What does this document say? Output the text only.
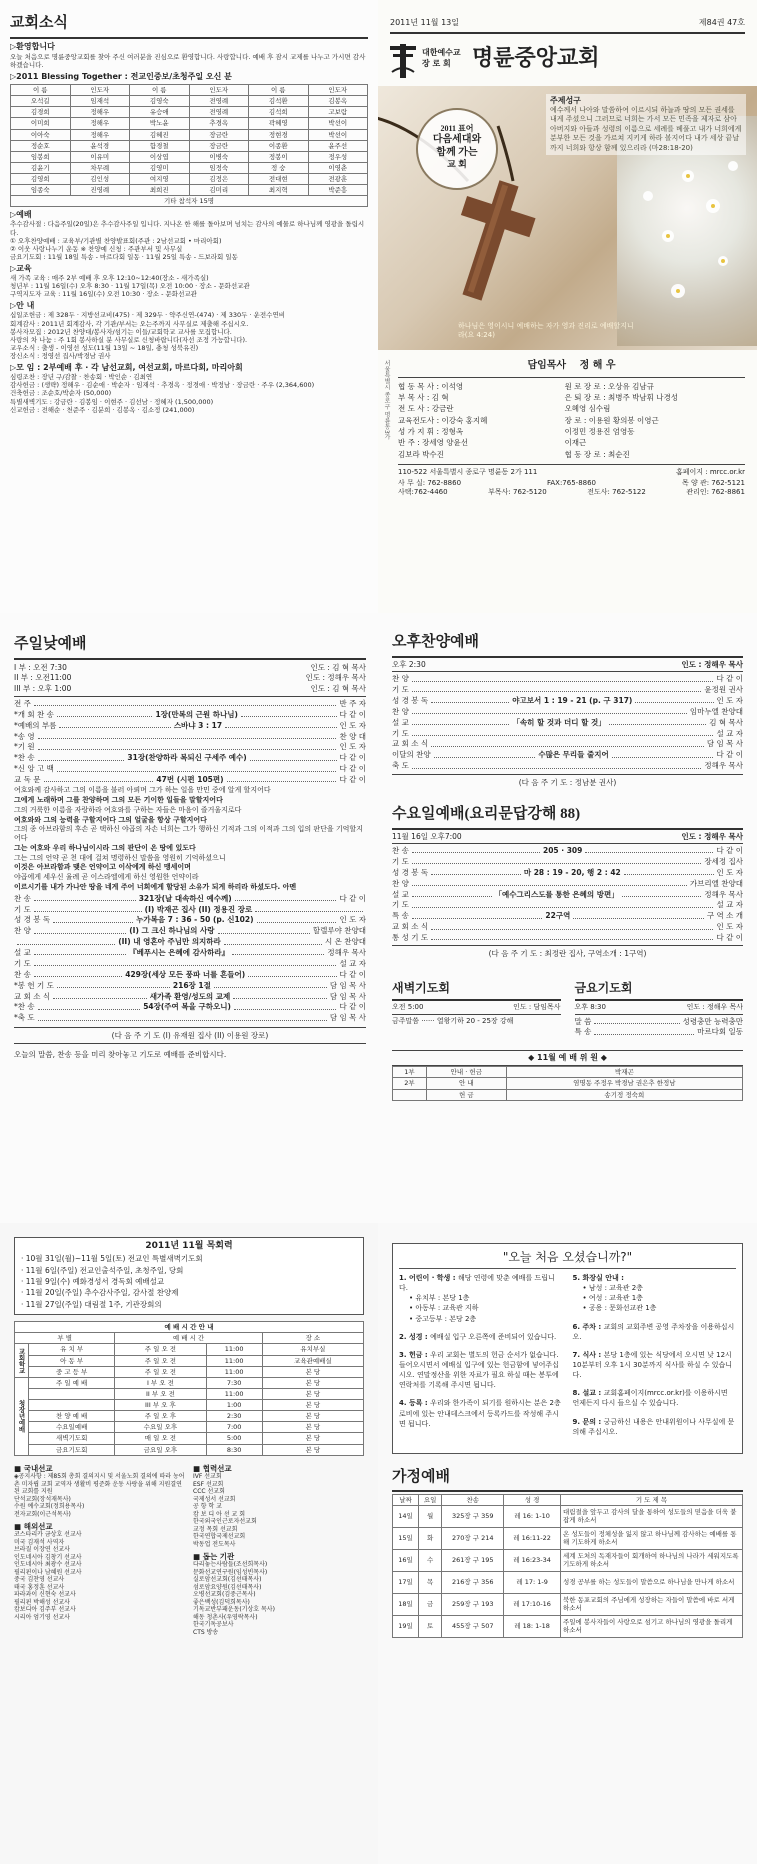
교회소식
▷환영합니다
오늘 처음으로 명륜중앙교회를 찾아 주신 여러분을 진심으로 환영합니다. 사랑합니다. 예배 후 잠시 교제를 나누고 가시면 감사하겠습니다.
▷2011 Blessing Together : 전교인중보/초청주일 오신 분
이 름	인도자	이 름	인도자	이 름	인도자
오석길	임재석	김영숙	전영례	김석환	김봉옥
김경희	정해우	유승애	전영례	김석희	고보람
이미희	정해우	박노윤	추경옥	곽혜영	박선이
이아숙	정해우	김혜진	장금란	정현경	박선이
정순호	윤석경	함경철	장금란	이종환	윤주선
임봉희	이유미	이상엽	이병숙	정봉이	정우성
김윤기	차무례	김영미	임정숙	정 숭	이영춘
김영희	김인성	여지영	김정은	전대현	전광훈
임종숙	진영례	최희진	김미리	최지혁	박준흥
기타 참석자 15명					
▷예배
추수감사절 : 다음주일(20일)은 추수감사주일 입니다. 지나온 한 해를 돌아보며 넘치는 감사의 예물로 하나님께 영광을 돌립시다.
① 오후찬양예배 : 교육부/기관별 찬양발표회(주관 : 2남선교회 • 마리아회)
② 이웃 사랑나누기 운동 ※ 찬양예 신청 : 주관부서 및 사무실
금요기도회 : 11월 18일 특송 - 마르다회 일동 · 11월 25일 특송 - 드보라회 일동
▷교육
새 가족 교육 : 매주 2부 예배 후 오후 12:10~12:40(장소 - 새가족실)
청년부 : 11월 16일(수) 오후 8:30 · 11월 17일(목) 오전 10:00 · 장소 - 문화선교관
구역지도자 교육 : 11월 16일(수) 오전 10:30 · 장소 - 문화선교관
▷안 내
십일조헌금 : 제 328두 · 지방선교비(475) · 제 329두 · 약주신연-(474) · 제 330두 · 운전수연비
회계감사 : 2011년 회계감사, 각 기관/부서는 오는주까지 사무실로 제출해 주십시오.
봉사자모집 : 2012년 찬양대/봉사자/섬기는 이들/교회학교 교사를 모집합니다.
사랑의 차 나눔 : 주 1회 봉사하실 분 사무실로 신청바랍니다(자선 조정 가능합니다).
교우소식 : 출생 - 이영선 성도(11월 13일 ~ 18일, 충청 성북유진)
장신소식 : 정영선 집사/박경남 권사
▷모 임 : 2부예배 후 · 각 남선교회, 여선교회, 마르다회, 마리아회
심령조찬 : 장년 구/감찰 · 찬송회 · 박인순 · 김최연
감사헌금 : (생략) 정해우 · 김순애 · 박순자 · 임재석 · 추경옥 · 정경애 · 박정남 · 장금란 · 주우 (2,364,600)
건축헌금 : 조순호/박순자 (50,000)
특별새벽기도 : 강금란 · 김봉임 · 이현주 · 김선남 · 정혜자 (1,500,000)
신교헌금 : 전해순 · 천준주 · 김분희 · 김봉옥 · 김소정 (241,000)
2011년 11월 13일	제84권 47호
대한예수교
장 로 회 명륜중앙교회
2011 표어
다음세대와
함께 가는
교 회
주제성구
예수께서 나아와 말씀하여 이르시되 하늘과 땅의 모든 권세를 내게 주셨으니 그러므로 너희는 가서 모든 민족을 제자로 삼아 아버지와 아들과 성령의 이름으로 세례를 베풀고 내가 너희에게 분부한 모든 것을 가르쳐 지키게 하라 볼지어다 내가 세상 끝날까지 너희와 항상 함께 있으리라 (마28:18-20)
하나님은 영이시니 예배하는 자가 영과 진리로 예배할지니라(요 4:24)
서울특별시 종로구 명륜동3가	담임목사 정 해 우
협 동 목 사 : 이석영	원 로 장 로 : 오상유 김남규
부 목 사 : 김 혁	은 퇴 장 로 : 최병주 박남휘 나경성
전 도 사 : 강금란	오혜영 심수림
교육전도사 : 이강숙 홍지혜	장 로 : 이용원 황의봉 이영근
성 가 지 휘 : 정형옥	이정민 정용진 엄영동
반 주 : 장세영 양윤선	이재근
김보라 박수진	협 동 장 로 : 최순진
110-522 서울특별시 종로구 명륜동 2가 111	홈페이지 : mrcc.or.kr
사 무 실: 762-8860	FAX:765-8860	목 양 관: 762-5121
사택:762-4460	부목사: 762-5120	전도사: 762-5122	관리인: 762-8861
주일낮예배
I 부 : 오전 7:30	인도 : 김 혁 목사
II 부 : 오전11:00	인도 : 정해우 목사
III 부 : 오후 1:00	인도 : 김 혁 목사
전 주	반 주 자
*개 회 찬 송	1장(만복의 근원 하나님)	다 같 이
*예배의 부름	스바냐 3 : 17	인 도 자
*송 영	찬 양 대
*기 원	인 도 자
*찬 송	31장(찬양하라 복되신 구세주 예수)	다 같 이
*신 앙 고 백	다 같 이
교 독 문	47번 (시편 105편)	다 같 이
여호와께 감사하고 그의 이름을 불러 아뢰며 그가 하는 일을 만민 중에 알게 할지어다
그에게 노래하며 그를 찬양하며 그의 모든 기이한 일들을 말할지어다
그의 거룩한 이름을 자랑하라 여호와를 구하는 자들은 마음이 즐거울지로다
여호와와 그의 능력을 구할지어다 그의 얼굴을 항상 구할지어다
그의 종 아브라함의 후손 곧 택하신 야곱의 자손 너희는 그가 행하신 기적과 그의 이적과 그의 입의 판단을 기억할지어다
그는 여호와 우리 하나님이시라 그의 판단이 온 땅에 있도다
그는 그의 언약 곧 천 대에 걸쳐 명령하신 말씀을 영원히 기억하셨으니
이것은 아브라함과 맺은 언약이고 이삭에게 하신 맹세이며
야곱에게 세우신 율례 곧 이스라엘에게 하신 영원한 언약이라
이르시기를 내가 가나안 땅을 네게 주어 너희에게 할당된 소유가 되게 하리라 하셨도다. 아멘
찬 송	321장(날 대속하신 예수께)	다 같 이
기 도	(I) 박재곤 집사 (II) 정용진 장로
성 경 봉 독	누가복음 7 : 36 - 50 (p. 신102)	인 도 자
찬 양	(I) 그 크신 하나님의 사랑	할렐루야 찬양대
(II) 내 영혼아 주님만 의지하라	시 온 찬양대
설 교	『베푸시는 은혜에 감사하라』	정해우 목사
기 도	설 교 자
찬 송	429장(세상 모든 풍파 너를 흔들어)	다 같 이
*봉 헌 기 도	216장 1절	담 임 목 사
교 회 소 식	새가족 환영/성도의 교제	담 임 목 사
*찬 송	54장(주여 복을 구하오니)	다 같 이
*축 도	담 임 목 사
(다 음 주 기 도 (I) 유재원 집사 (II) 이용원 장로)
오늘의 말씀, 찬송 등을 미리 찾아놓고 기도로 예배를 준비합시다.
오후찬양예배
오후 2:30	인도 : 정해우 목사
찬 양	다 같 이
기 도	윤정원 권사
성 경 봉 독	야고보서 1 : 19 - 21 (p. 구 317)	인 도 자
찬 양	임마누엘 찬양대
설 교	「속히 할 것과 더디 할 것」	김 혁 목사
기 도	설 교 자
교 회 소 식	담 임 목 사
이달의 찬양	수많은 무리들 줄지어	다 같 이
축 도	정해우 목사
(다 음 주 기 도 : 정남분 권사)
수요일예배(요리문답강해 88)
11월 16일 오후7:00	인도 : 정해우 목사
찬 송	205 · 309	다 같 이
기 도	장세정 집사
성 경 봉 독	마 28 : 19 - 20, 행 2 : 42	인 도 자
찬 양	가브리엘 찬양대
설 교	「예수그리스도를 통한 은혜의 방편」	정해우 목사
기 도	설 교 자
특 송	22구역	구 역 소 개
교 회 소 식	인 도 자
통 성 기 도	다 같 이
(다 음 주 기 도 : 최정란 집사, 구역소개 : 1구역)
새벽기도회
오전 5:00	인도 : 담임목사
금주말씀 ······ 열왕기하 20 - 25장 강해
금요기도회
오후 8:30	인도 : 정해우 목사
말 씀	성령충만 능력충만
특 송	마르다회 일동
◆ 11월 예 배 위 원 ◆
1부	안내 · 헌금	박재곤
2부	안 내	염명동 주정우 박경남 권은추 한정남
	헌 금	송기정 정숙희
2011년 11월 목회력
· 10월 31일(월)~11월 5일(토) 전교인 특별새벽기도회
· 11월 6일(주일) 전교인출석주일, 초청주일, 당회
· 11월 9일(수) 예화경성서 경독회 예배설교
· 11월 20일(주일) 추수감사주일, 감사절 찬양제
· 11월 27일(주일) 대림절 1주, 기관장회의
예 배 시 간 안 내				
부 별		예 배 시 간		장 소
교회학교	유 치 부	주 일 오 전	11:00	유치부실
	아 동 부	주 일 오 전	11:00	교육관예배실
	중 고 등 부	주 일 오 전	11:00	본 당
청장년예배	주 일 예 배	I 부 오 전	7:30	본 당
		II 부 오 전	11:00	본 당
		III 부 오 후	1:00	본 당
	찬 양 예 배	주 일 오 후	2:30	본 당
	수요일예배	수요일 오후	7:00	본 당
	새벽기도회	매 일 오 전	5:00	본 당
	금요기도회	금요일 오후	8:30	본 당
■ 국내선교
◈공지사항 : 제85회 총회 결의지시 및 서울노회 결의에 따라 농어촌 미자립 교회 교역자 생활비 평준화 운동 사랑을 위해 지원결연된 교회를 지원
단석교회(장석재목사)
수원 예수교회(정희용목사)
전자교회(이근석목사)
■ 해외선교
코스타리카 금상호 선교사
미국 김재석 사역자
브라질 이장연 선교사
인도네시아 김창기 선교사
인도네시아 최광수 선교사
필리핀이나 남혜원 선교사
중국 김찬영 선교사
태국 홍정훈 선교사
파라과이 신현숙 선교사
필리핀 박해성 선교사
캄보디아 김주부 선교사
시리아 엄기영 선교사
■ 협력선교
IVF 선교회
ESF 선교회
CCC 선교회
국제성서 선교회
공 항 학 교
캄 보 디 아 선 교 회
한국외국인근로자선교회
교정 목회 선교회
한국연합국제선교회
박동업 전도목사
■ 돕는 기관
다리놓는사람들(조선희목사)
문화선교연구원(임성빈목사)
실로암선교회(김선태목사)
섬로암요양원(김선태목사)
오병선교회(김중근목사)
좋은백성(김덕희목사)
기독교반부패운동(기상호 목사)
해동 청촌사(우영락목사)
한국기독공보사
CTS 방송
"오늘 처음 오셨습니까?"
1. 어린이 · 학생 : 해당 연령에 맞춘 예배를 드립니다.
• 유치부 : 본당 1층
• 아동부 : 교육관 지하
• 중고등부 : 본당 2층
2. 성경 : 예배실 입구 오른쪽에 준비되어 있습니다.
3. 헌금 : 우리 교회는 별도의 헌금 순서가 없습니다. 들어오시면서 예배실 입구에 있는 헌금함에 넣어주십시오. 연말정산을 위한 자료가 필요 하실 때는 봉투에 연락처를 기록해 주시면 됩니다.
4. 등록 : 우리와 한가족이 되기를 원하시는 분은 2층 로비에 있는 안내데스크에서 등록카드를 작성해 주시면 됩니다.
5. 화장실 안내 :
• 남성 : 교육관 2층
• 여성 : 교육관 1층
• 공용 : 문화선교관 1층
6. 주차 : 교회의 교회주변 공영 주차장을 이용하십시오.
7. 식사 : 본당 1층에 있는 식당에서 오시면 낮 12시 10분부터 오후 1시 30분까지 식사를 하실 수 있습니다.
8. 설교 : 교회홈페이지(mrcc.or.kr)를 이용하시면 언제든지 다시 들으실 수 있습니다.
9. 문의 : 궁금하신 내용은 안내위원이나 사무실에 문의해 주십시오.
가정예배
날짜	요일	찬송	성 경	기 도 제 목
14일	월	325장 구 359	레 16: 1-10	대림절을 앞두고 감사의 달을 통하여 성도들의 믿음을 더욱 붙잡게 하소서
15일	화	270장 구 214	레 16:11-22	온 성도들이 정체성을 잃지 않고 하나님께 감사하는 예배를 통해 기도하게 하소서
16일	수	261장 구 195	레 16:23-34	세계 도처의 독재자들이 회개하여 하나님의 나라가 세워지도록 기도하게 하소서
17일	목	216장 구 356	레 17: 1-9	성경 공부를 하는 성도들이 말씀으로 하나님을 만나게 하소서
18일	금	259장 구 193	레 17:10-16	북한 동포교회의 주님에게 성장하는 자들이 말씀에 바로 서게 하소서
19일	토	455장 구 507	레 18: 1-18	주일에 봉사자들이 사랑으로 섬기고 하나님의 영광을 돌리게 하소서
